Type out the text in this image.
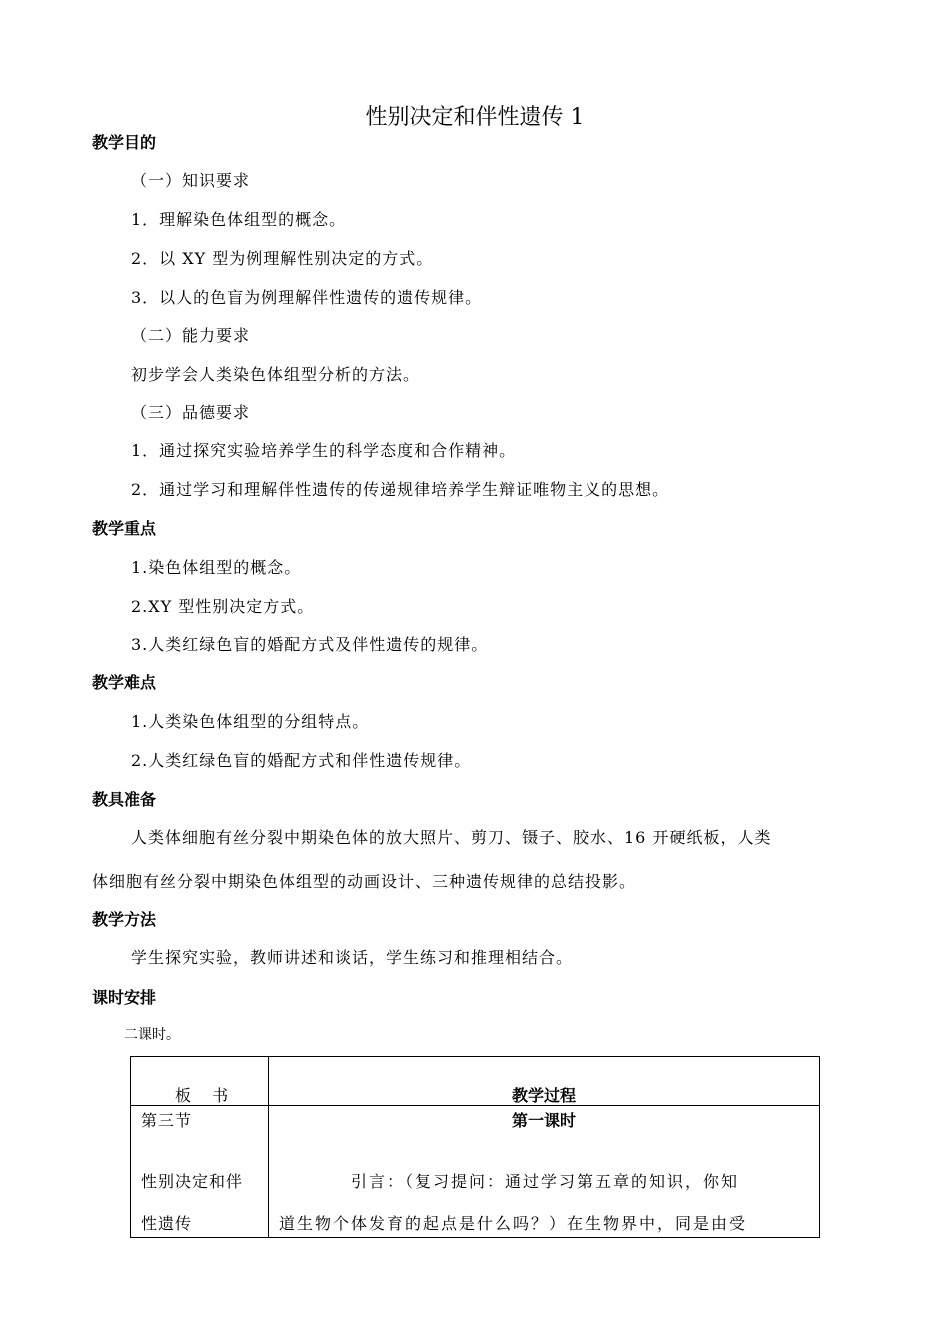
性别决定和伴性遗传 1
教学目的
（一）知识要求
1．理解染色体组型的概念。
2．以 XY 型为例理解性别决定的方式。
3．以人的色盲为例理解伴性遗传的遗传规律。
（二）能力要求
初步学会人类染色体组型分析的方法。
（三）品德要求
1．通过探究实验培养学生的科学态度和合作精神。
2．通过学习和理解伴性遗传的传递规律培养学生辩证唯物主义的思想。
教学重点
1.染色体组型的概念。
2.XY 型性别决定方式。
3.人类红绿色盲的婚配方式及伴性遗传的规律。
教学难点
1.人类染色体组型的分组特点。
2.人类红绿色盲的婚配方式和伴性遗传规律。
教具准备
人类体细胞有丝分裂中期染色体的放大照片、剪刀、镊子、胶水、16 开硬纸板，人类
体细胞有丝分裂中期染色体组型的动画设计、三种遗传规律的总结投影。
教学方法
学生探究实验，教师讲述和谈话，学生练习和推理相结合。
课时安排
二课时。
板 书	教学过程

第三节
性别决定和伴
性遗传	第一课时
引言：（复习提问：通过学习第五章的知识，你知
道生物个体发育的起点是什么吗？）在生物界中，同是由受
